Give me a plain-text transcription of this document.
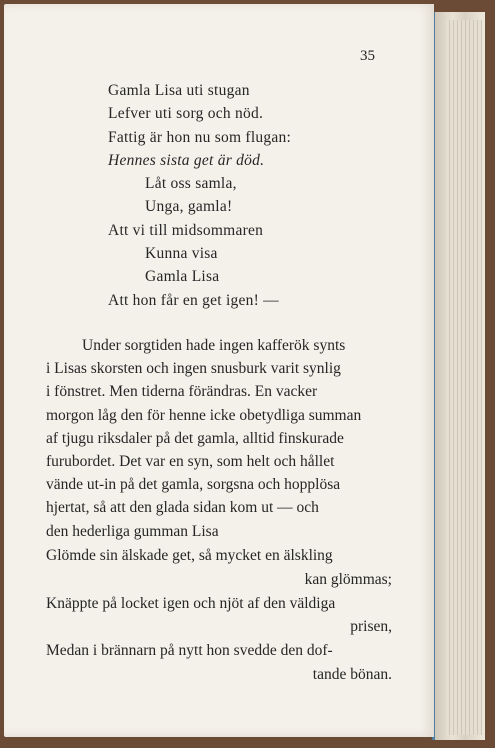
35
Gamla Lisa uti stugan
Lefver uti sorg och nöd.
Fattig är hon nu som flugan:
Hennes sista get är död.
Låt oss samla,
Unga, gamla!
Att vi till midsommaren
Kunna visa
Gamla Lisa
Att hon får en get igen! —
Under sorgtiden hade ingen kafferök synts
i Lisas skorsten och ingen snusburk varit synlig
i fönstret. Men tiderna förändras. En vacker
morgon låg den för henne icke obetydliga summan
af tjugu riksdaler på det gamla, alltid finskurade
furubordet. Det var en syn, som helt och hållet
vände ut-in på det gamla, sorgsna och hopplösa
hjertat, så att den glada sidan kom ut — och
den hederliga gumman Lisa
Glömde sin älskade get, så mycket en älskling
kan glömmas;
Knäppte på locket igen och njöt af den väldiga
prisen,
Medan i brännarn på nytt hon svedde den dof-
tande bönan.
